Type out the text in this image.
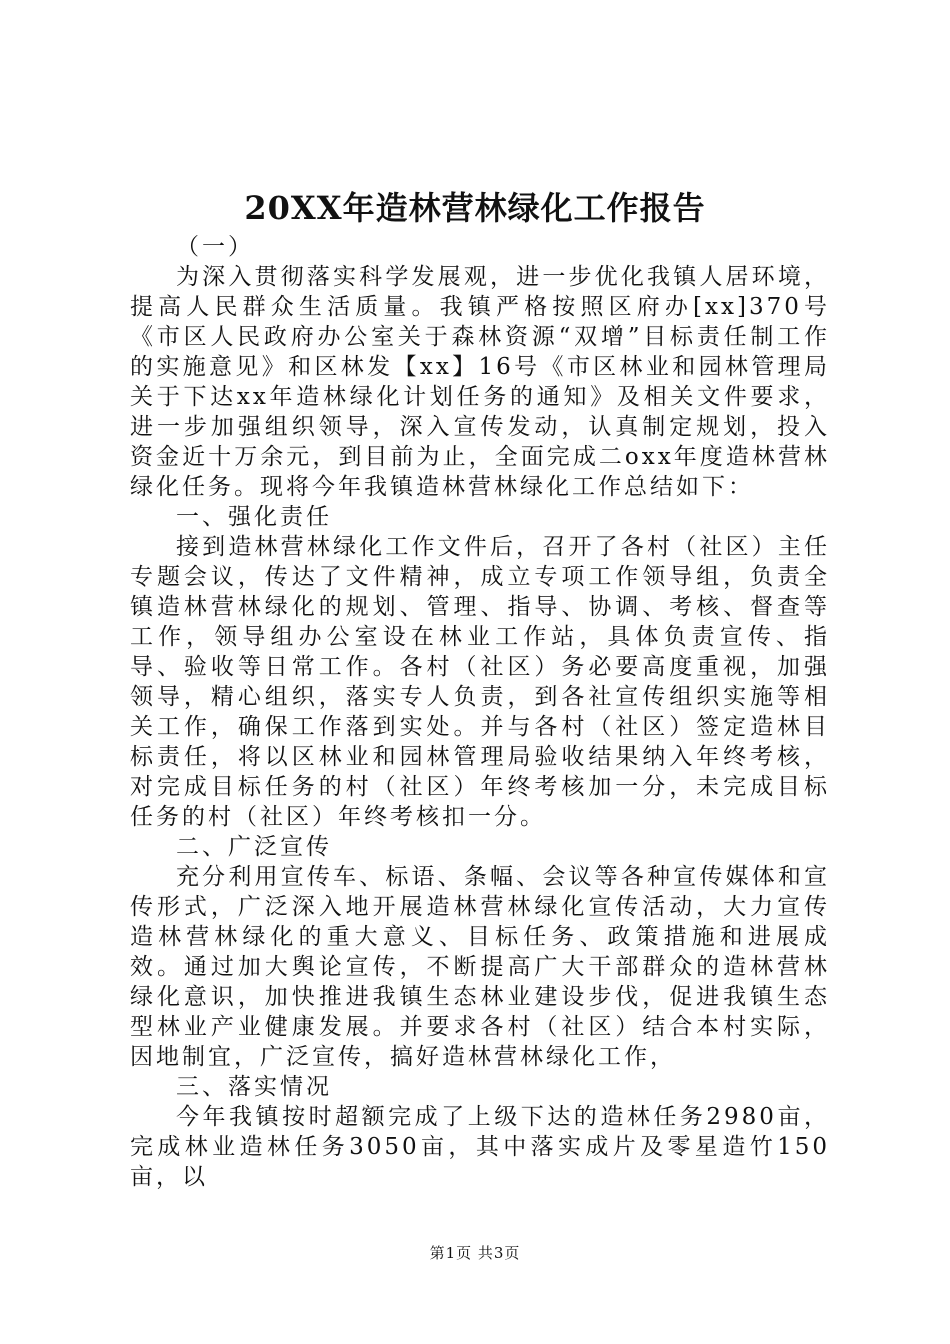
20XX年造林营林绿化工作报告

（一）

为深入贯彻落实科学发展观，进一步优化我镇人居环境，提高人民群众生活质量。我镇严格按照区府办[xx]370号《市区人民政府办公室关于森林资源“双增”目标责任制工作的实施意见》和区林发【xx】16号《市区林业和园林管理局关于下达xx年造林绿化计划任务的通知》及相关文件要求，进一步加强组织领导，深入宣传发动，认真制定规划，投入资金近十万余元，到目前为止，全面完成二oxx年度造林营林绿化任务。现将今年我镇造林营林绿化工作总结如下：

一、强化责任

接到造林营林绿化工作文件后，召开了各村（社区）主任专题会议，传达了文件精神，成立专项工作领导组，负责全镇造林营林绿化的规划、管理、指导、协调、考核、督查等工作，领导组办公室设在林业工作站，具体负责宣传、指导、验收等日常工作。各村（社区）务必要高度重视，加强领导，精心组织，落实专人负责，到各社宣传组织实施等相关工作，确保工作落到实处。并与各村（社区）签定造林目标责任，将以区林业和园林管理局验收结果纳入年终考核，对完成目标任务的村（社区）年终考核加一分，未完成目标任务的村（社区）年终考核扣一分。

二、广泛宣传

充分利用宣传车、标语、条幅、会议等各种宣传媒体和宣传形式，广泛深入地开展造林营林绿化宣传活动，大力宣传造林营林绿化的重大意义、目标任务、政策措施和进展成效。通过加大舆论宣传，不断提高广大干部群众的造林营林绿化意识，加快推进我镇生态林业建设步伐，促进我镇生态型林业产业健康发展。并要求各村（社区）结合本村实际，因地制宜，广泛宣传，搞好造林营林绿化工作，

三、落实情况

今年我镇按时超额完成了上级下达的造林任务2980亩，完成林业造林任务3050亩，其中落实成片及零星造竹150亩，以

第1页 共3页
